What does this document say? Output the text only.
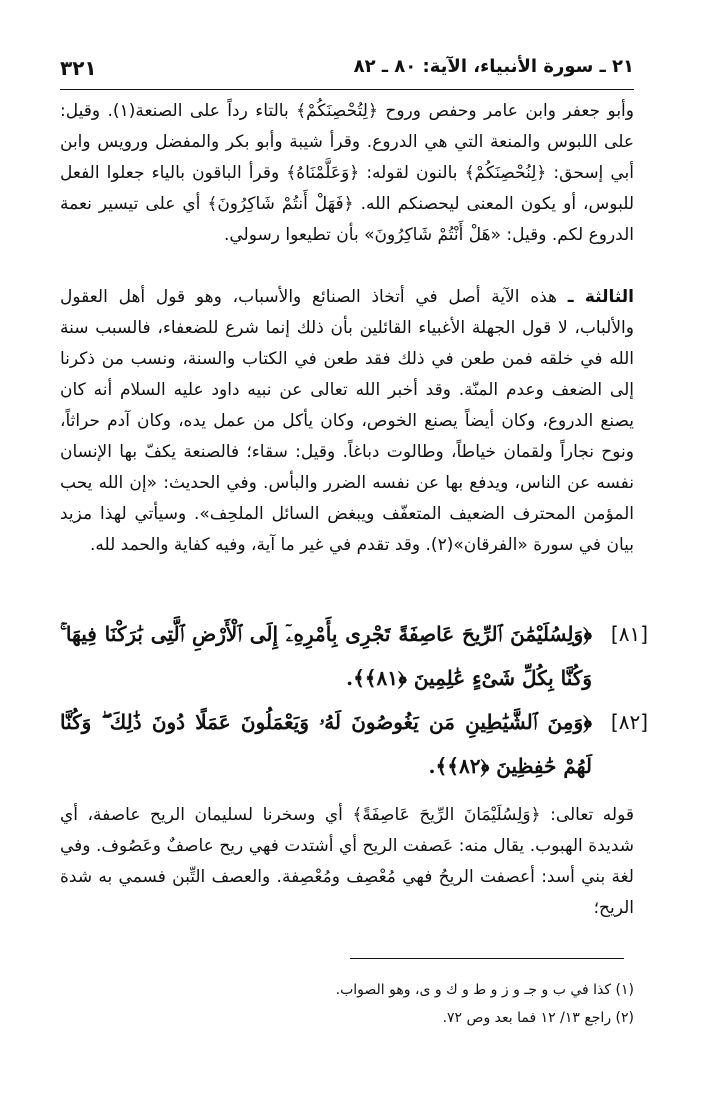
٢١ ـ سورة الأنبياء، الآية: ٨٠ ـ ٨٢
٣٢١

وأبو جعفر وابن عامر وحفص وروح ﴿لِتُحْصِنَكُمْ﴾ بالتاء رداً على الصنعة(١). وقيل: على اللبوس والمنعة التي هي الدروع. وقرأ شيبة وأبو بكر والمفضل ورويس وابن أبي إسحق: ﴿لِنُحْصِنَكُمْ﴾ بالنون لقوله: ﴿وَعَلَّمْنَاهُ﴾ وقرأ الباقون بالياء جعلوا الفعل للبوس، أو يكون المعنى ليحصنكم الله. ﴿فَهَلْ أَنتُمْ شَاكِرُونَ﴾ أي على تيسير نعمة الدروع لكم. وقيل: «هَلْ أَنْتُمْ شَاكِرُونَ» بأن تطيعوا رسولي.

الثالثة ـ هذه الآية أصل في أتخاذ الصنائع والأسباب، وهو قول أهل العقول والألباب، لا قول الجهلة الأغبياء القائلين بأن ذلك إنما شرع للضعفاء، فالسبب سنة الله في خلقه فمن طعن في ذلك فقد طعن في الكتاب والسنة، ونسب من ذكرنا إلى الضعف وعدم المنّة. وقد أخبر الله تعالى عن نبيه داود عليه السلام أنه كان يصنع الدروع، وكان أيضاً يصنع الخوص، وكان يأكل من عمل يده، وكان آدم حراثاً، ونوح نجاراً ولقمان خياطاً، وطالوت دباغاً. وقيل: سقاء؛ فالصنعة يكفّ بها الإنسان نفسه عن الناس، ويدفع بها عن نفسه الضرر والبأس. وفي الحديث: «إن الله يحب المؤمن المحترف الضعيف المتعفّف ويبغض السائل الملحِف». وسيأتي لهذا مزيد بيان في سورة «الفرقان»(٢). وقد تقدم في غير ما آية، وفيه كفاية والحمد لله.

[٨١]
﴿وَلِسُلَيْمَٰنَ ٱلرِّيحَ عَاصِفَةً تَجْرِى بِأَمْرِهِۦٓ إِلَى ٱلْأَرْضِ ٱلَّتِى بَٰرَكْنَا فِيهَا ۚ وَكُنَّا بِكُلِّ شَىْءٍ عَٰلِمِينَ ﴿٨١﴾﴾.
[٨٢]
﴿وَمِنَ ٱلشَّيَٰطِينِ مَن يَغُوصُونَ لَهُۥ وَيَعْمَلُونَ عَمَلًا دُونَ ذَٰلِكَ ۖ وَكُنَّا لَهُمْ حَٰفِظِينَ ﴿٨٢﴾﴾.

قوله تعالى: ﴿وَلِسُلَيْمَانَ الرِّيحَ عَاصِفَةً﴾ أي وسخرنا لسليمان الريح عاصفة، أي شديدة الهبوب. يقال منه: عَصفت الريح أي أشتدت فهي ريح عاصفٌ وعَصُوف. وفي لغة بني أسد: أعصفت الريحُ فهي مُعْصِف ومُعْصِفة. والعصف التِّبن فسمي به شدة الريح؛

(١) كذا في ب و جـ و ز و ط و ك و ى، وهو الصواب.
(٢) راجع ١٣/ ١٢ فما بعد وص ٧٢.
